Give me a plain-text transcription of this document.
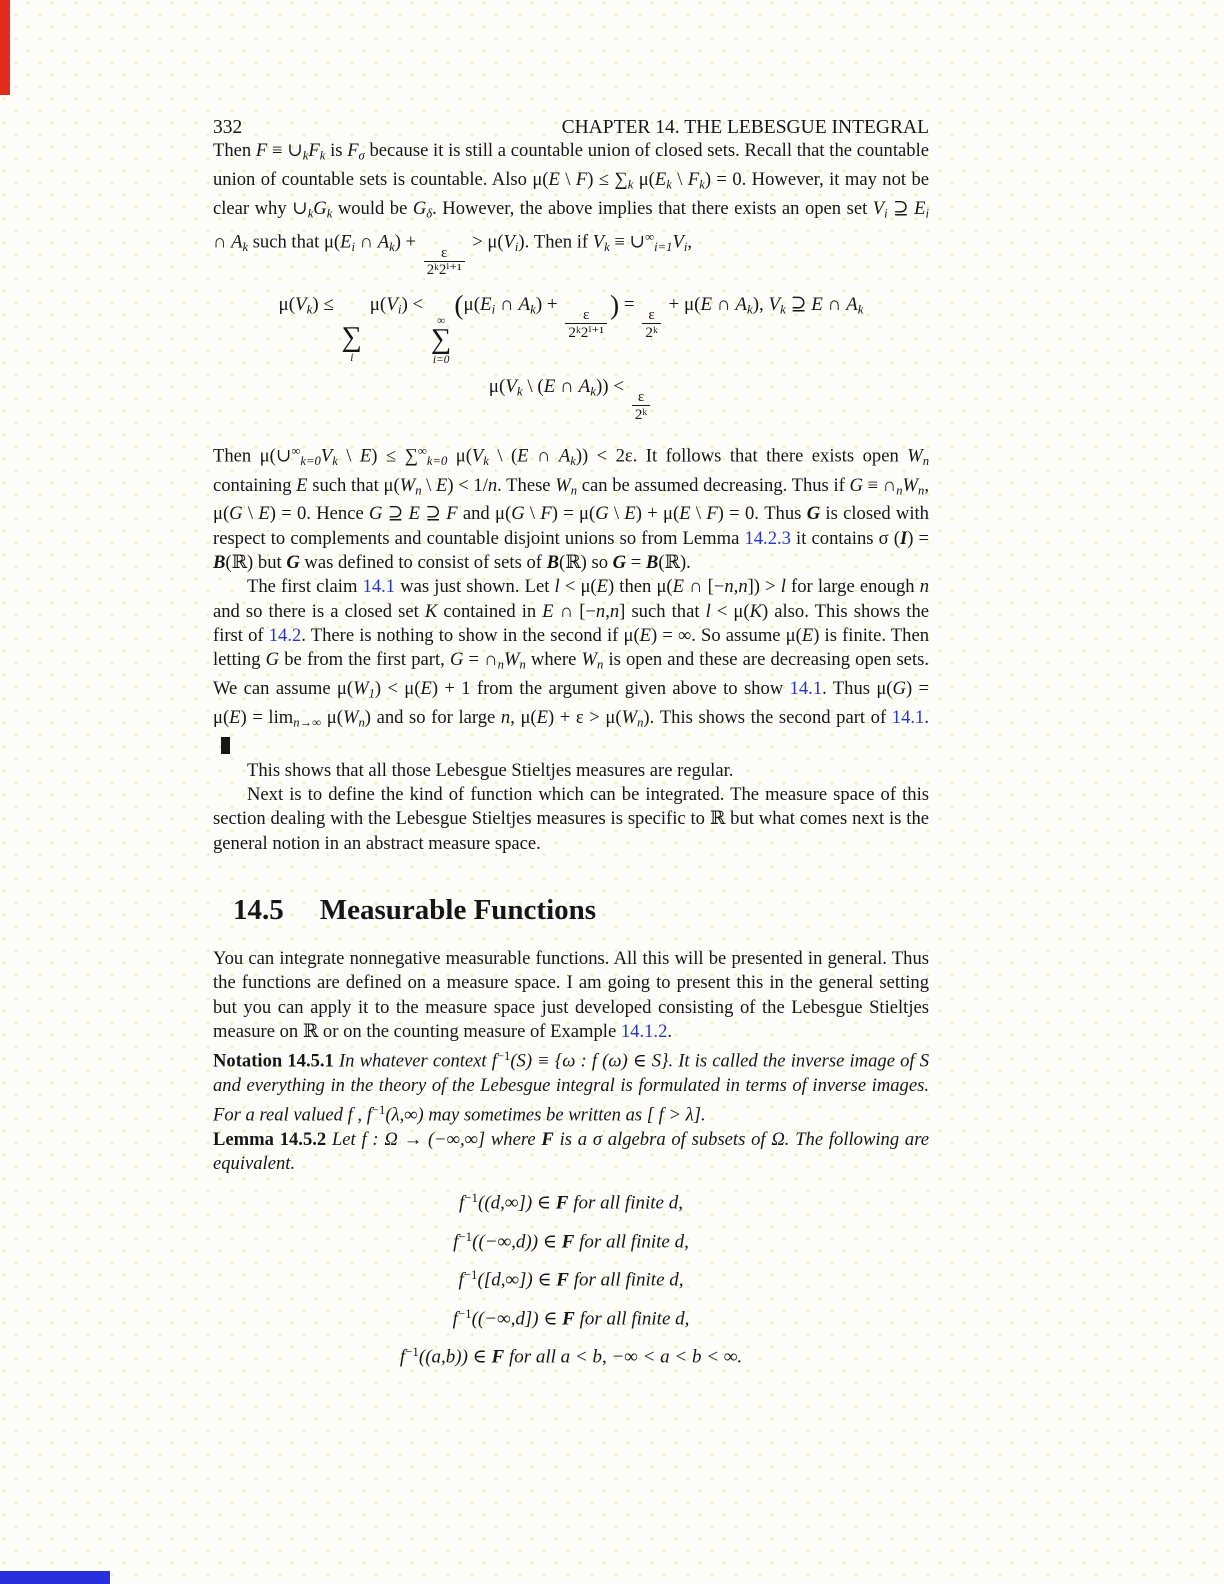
332	CHAPTER 14. THE LEBESGUE INTEGRAL

Then F ≡ ∪kFk is Fσ because it is still a countable union of closed sets. Recall that the countable union of countable sets is countable. Also μ(E \ F) ≤ ∑k μ(Ek \ Fk) = 0. However, it may not be clear why ∪kGk would be Gδ. However, the above implies that there exists an open set Vi ⊇ Ei ∩ Ak such that μ(Ei ∩ Ak) +
$\frac{\varepsilon}{\text{2ᵏ2ⁱ⁺¹}}$
> μ(Vi). Then if Vk ≡ ∪∞i=1Vi,

μ(Vk) ≤
∑
i
μ(Vi) <
∞
∑
i=0
(μ(Ei ∩ Ak) +
$\frac{\varepsilon}{\text{2ᵏ2ⁱ⁺¹}}$
) =
$\frac{\varepsilon}{\text{2ᵏ}}$
+ μ(E ∩ Ak), Vk ⊇ E ∩ Ak
μ(Vk \ (E ∩ Ak)) <
$\frac{\varepsilon}{\text{2ᵏ}}$

Then μ(∪∞k=0Vk \ E) ≤ ∑∞k=0 μ(Vk \ (E ∩ Ak)) < 2ε. It follows that there exists open Wn containing E such that μ(Wn \ E) < 1/n. These Wn can be assumed decreasing. Thus if G ≡ ∩nWn, μ(G \ E) = 0. Hence G ⊇ E ⊇ F and μ(G \ F) = μ(G \ E) + μ(E \ F) = 0. Thus G is closed with respect to complements and countable disjoint unions so from Lemma 14.2.3 it contains σ (I) = B(ℝ) but G was defined to consist of sets of B(ℝ) so G = B(ℝ).

The first claim 14.1 was just shown. Let l < μ(E) then μ(E ∩ [−n,n]) > l for large enough n and so there is a closed set K contained in E ∩ [−n,n] such that l < μ(K) also. This shows the first of 14.2. There is nothing to show in the second if μ(E) = ∞. So assume μ(E) is finite. Then letting G be from the first part, G = ∩nWn where Wn is open and these are decreasing open sets. We can assume μ(W1) < μ(E) + 1 from the argument given above to show 14.1. Thus μ(G) = μ(E) = limn→∞ μ(Wn) and so for large n, μ(E) + ε > μ(Wn). This shows the second part of 14.1.

This shows that all those Lebesgue Stieltjes measures are regular.

Next is to define the kind of function which can be integrated. The measure space of this section dealing with the Lebesgue Stieltjes measures is specific to ℝ but what comes next is the general notion in an abstract measure space.

14.5 Measurable Functions

You can integrate nonnegative measurable functions. All this will be presented in general. Thus the functions are defined on a measure space. I am going to present this in the general setting but you can apply it to the measure space just developed consisting of the Lebesgue Stieltjes measure on ℝ or on the counting measure of Example 14.1.2.

Notation 14.5.1 In whatever context $f^{-1}(S) \equiv \{\omega$ : f (ω) ∈ S}. It is called the inverse image of S and everything in the theory of the Lebesgue integral is formulated in terms of inverse images. For a real valued f , $f^{-1}(\lambda,\infty)$ may sometimes be written as [ f > λ].

Lemma 14.5.2 Let f : Ω → (−∞,∞] where F is a σ algebra of subsets of Ω. The following are equivalent.

$f^{-1}((d,\infty])$ ∈ F for all finite d,
$f^{-1}((-\infty,d))$ ∈ F for all finite d,
$f^{-1}([d,\infty])$ ∈ F for all finite d,
$f^{-1}((-\infty,d])$ ∈ F for all finite d,
$f^{-1}((a,b))$ ∈ F for all a < b, −∞ < a < b < ∞.
